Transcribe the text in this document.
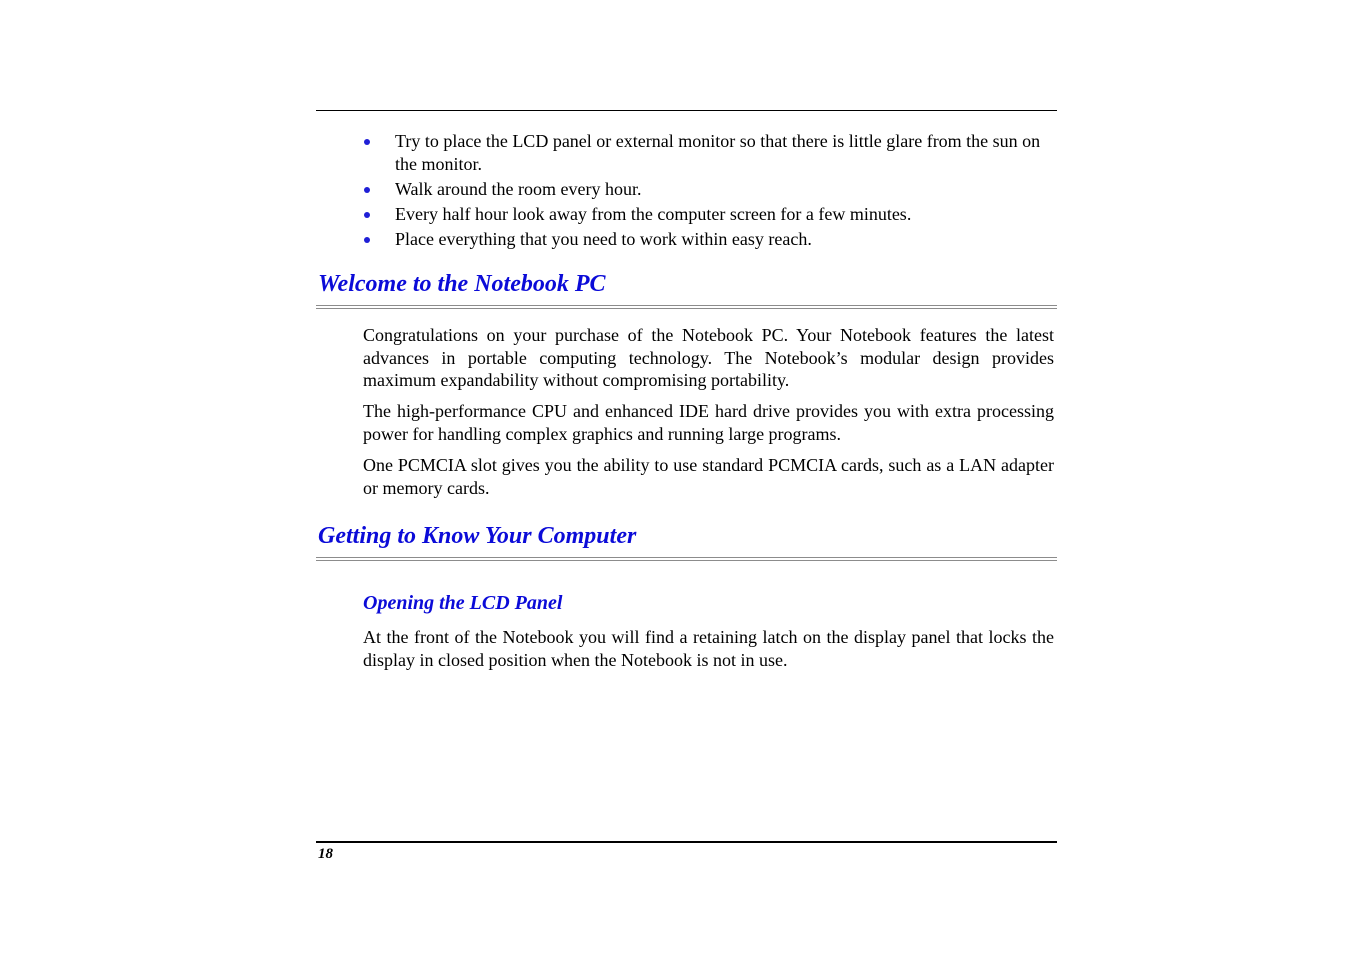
Try to place the LCD panel or external monitor so that there is little glare from the sun on the monitor.
Walk around the room every hour.
Every half hour look away from the computer screen for a few minutes.
Place everything that you need to work within easy reach.
Welcome to the Notebook PC

Congratulations on your purchase of the Notebook PC. Your Notebook features the latest advances in portable computing technology. The Notebook’s modular design provides maximum expandability without compromising portability.

The high-performance CPU and enhanced IDE hard drive provides you with extra processing power for handling complex graphics and running large programs.

One PCMCIA slot gives you the ability to use standard PCMCIA cards, such as a LAN adapter or memory cards.

Getting to Know Your Computer
Opening the LCD Panel

At the front of the Notebook you will find a retaining latch on the display panel that locks the display in closed position when the Notebook is not in use.

18
